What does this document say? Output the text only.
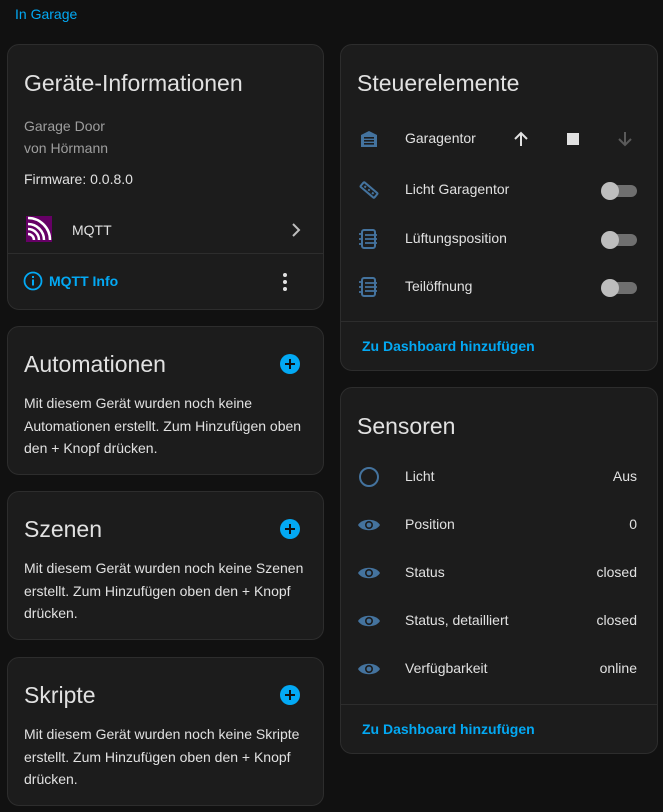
In Garage
Geräte-Informationen
Garage Door
von Hörmann
Firmware: 0.0.8.0
MQTT
MQTT Info
Automationen
Mit diesem Gerät wurden noch keine Automationen erstellt. Zum Hinzufügen oben den + Knopf drücken.
Szenen
Mit diesem Gerät wurden noch keine Szenen erstellt. Zum Hinzufügen oben den + Knopf drücken.
Skripte
Mit diesem Gerät wurden noch keine Skripte erstellt. Zum Hinzufügen oben den + Knopf drücken.
Steuerelemente
Garagentor
Licht Garagentor
Lüftungsposition
Teilöffnung
Zu Dashboard hinzufügen
Sensoren
Licht	Aus
Position	0
Status	closed
Status, detailliert	closed
Verfügbarkeit	online
Zu Dashboard hinzufügen
